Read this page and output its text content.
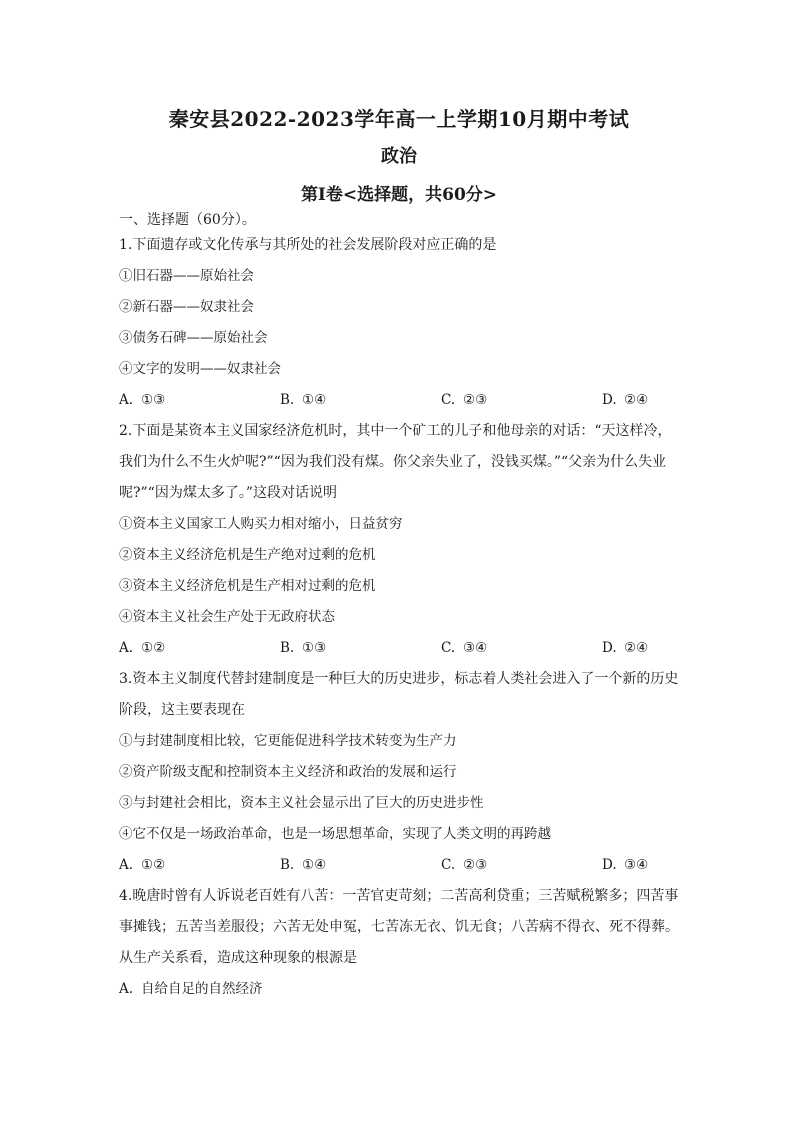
秦安县2022-2023学年高一上学期10月期中考试
政治
第Ⅰ卷<选择题，共60分>
一、选择题（60分）。

1.下面遗存或文化传承与其所处的社会发展阶段对应正确的是

①旧石器——原始社会

②新石器——奴隶社会

③债务石碑——原始社会

④文字的发明——奴隶社会

A. ①③	B. ①④	C. ②③	D. ②④

2.下面是某资本主义国家经济危机时，其中一个矿工的儿子和他母亲的对话：“天这样冷，

我们为什么不生火炉呢?”“因为我们没有煤。你父亲失业了，没钱买煤。”“父亲为什么失业

呢?”“因为煤太多了。”这段对话说明

①资本主义国家工人购买力相对缩小，日益贫穷

②资本主义经济危机是生产绝对过剩的危机

③资本主义经济危机是生产相对过剩的危机

④资本主义社会生产处于无政府状态

A. ①②	B. ①③	C. ③④	D. ②④

3.资本主义制度代替封建制度是一种巨大的历史进步，标志着人类社会进入了一个新的历史

阶段，这主要表现在

①与封建制度相比较，它更能促进科学技术转变为生产力

②资产阶级支配和控制资本主义经济和政治的发展和运行

③与封建社会相比，资本主义社会显示出了巨大的历史进步性

④它不仅是一场政治革命，也是一场思想革命，实现了人类文明的再跨越

A. ①②	B. ①④	C. ②③	D. ③④

4.晚唐时曾有人诉说老百姓有八苦：一苦官吏苛刻；二苦高利贷重；三苦赋税繁多；四苦事

事摊钱；五苦当差服役；六苦无处申冤，七苦冻无衣、饥无食；八苦病不得衣、死不得葬。

从生产关系看，造成这种现象的根源是

A. 自给自足的自然经济
